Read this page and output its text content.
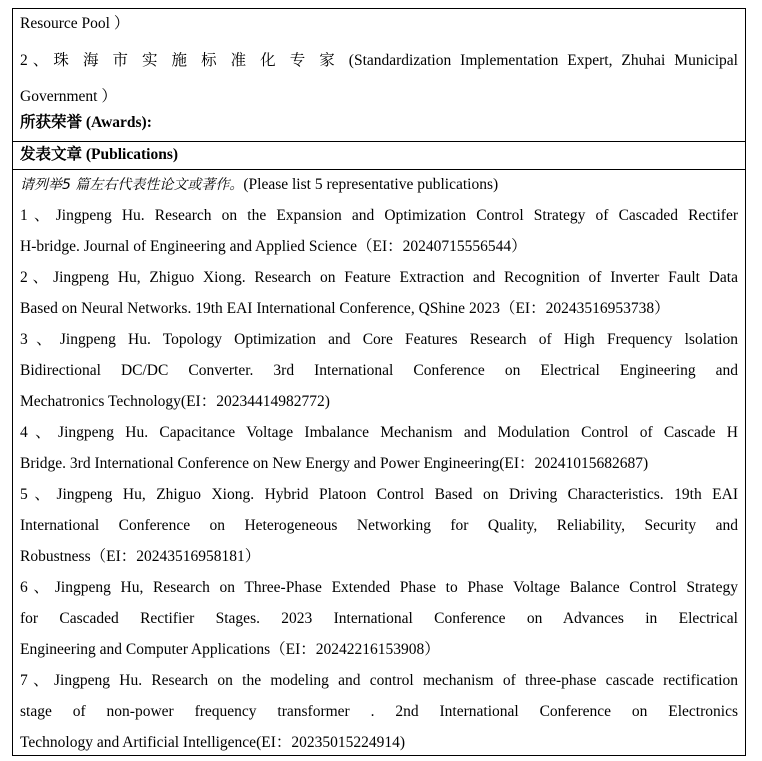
Resource Pool ）
2、珠 海 市 实 施 标 准 化 专 家 (Standardization Implementation Expert, Zhuhai Municipal
Government ）
所获荣誉 (Awards):
发表文章 (Publications)
请列举5 篇左右代表性论文或著作。(Please list 5 representative publications)
1、Jingpeng Hu. Research on the Expansion and Optimization Control Strategy of Cascaded Rectifer
H-bridge. Journal of Engineering and Applied Science（EI：20240715556544）
2、Jingpeng Hu, Zhiguo Xiong. Research on Feature Extraction and Recognition of Inverter Fault Data
Based on Neural Networks. 19th EAI International Conference, QShine 2023（EI：20243516953738）
3、Jingpeng Hu. Topology Optimization and Core Features Research of High Frequency lsolation
Bidirectional DC/DC Converter. 3rd International Conference on Electrical Engineering and
Mechatronics Technology(EI：20234414982772)
4、Jingpeng Hu. Capacitance Voltage Imbalance Mechanism and Modulation Control of Cascade H
Bridge. 3rd International Conference on New Energy and Power Engineering(EI：20241015682687)
5、Jingpeng Hu, Zhiguo Xiong. Hybrid Platoon Control Based on Driving Characteristics. 19th EAI
International Conference on Heterogeneous Networking for Quality, Reliability, Security and
Robustness（EI：20243516958181）
6、Jingpeng Hu, Research on Three-Phase Extended Phase to Phase Voltage Balance Control Strategy
for Cascaded Rectifier Stages. 2023 International Conference on Advances in Electrical
Engineering and Computer Applications（EI：20242216153908）
7、Jingpeng Hu. Research on the modeling and control mechanism of three-phase cascade rectification
stage of non-power frequency transformer . 2nd International Conference on Electronics
Technology and Artificial Intelligence(EI：20235015224914)
